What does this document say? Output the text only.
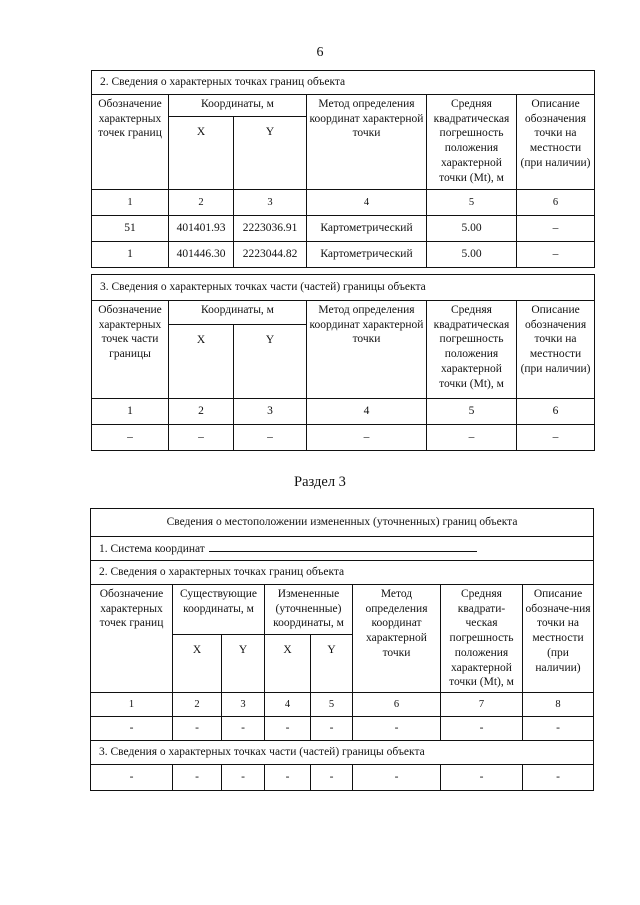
6
2. Сведения о характерных точках границ объекта					
Обозначение характерных точек границ	Координаты, м		Метод определения координат характерной точки	Средняя квадратическая погрешность положения характерной точки (Mt), м	Описание обозначения точки на местности (при наличии)
	X	Y			
1	2	3	4	5	6
51	401401.93	2223036.91	Картометрический	5.00	–
1	401446.30	2223044.82	Картометрический	5.00	–
3. Сведения о характерных точках части (частей) границы объекта					
Обозначение характерных точек части границы	Координаты, м		Метод определения координат характерной точки	Средняя квадратическая погрешность положения характерной точки (Mt), м	Описание обозначения точки на местности (при наличии)
	X	Y			
1	2	3	4	5	6
–	–	–	–	–	–
Раздел 3
Сведения о местоположении измененных (уточненных) границ объекта							
1. Система координат							
2. Сведения о характерных точках границ объекта							
Обозначение характерных точек границ	Существующие координаты, м		Измененные (уточненные) координаты, м		Метод определения координат характерной точки	Средняя квадрати-ческая погрешность положения характерной точки (Mt), м	Описание обозначе-ния точки на местности (при наличии)
	X	Y	X	Y			
1	2	3	4	5	6	7	8
-	-	-	-	-	-	-	-
3. Сведения о характерных точках части (частей) границы объекта							
-	-	-	-	-	-	-	-
